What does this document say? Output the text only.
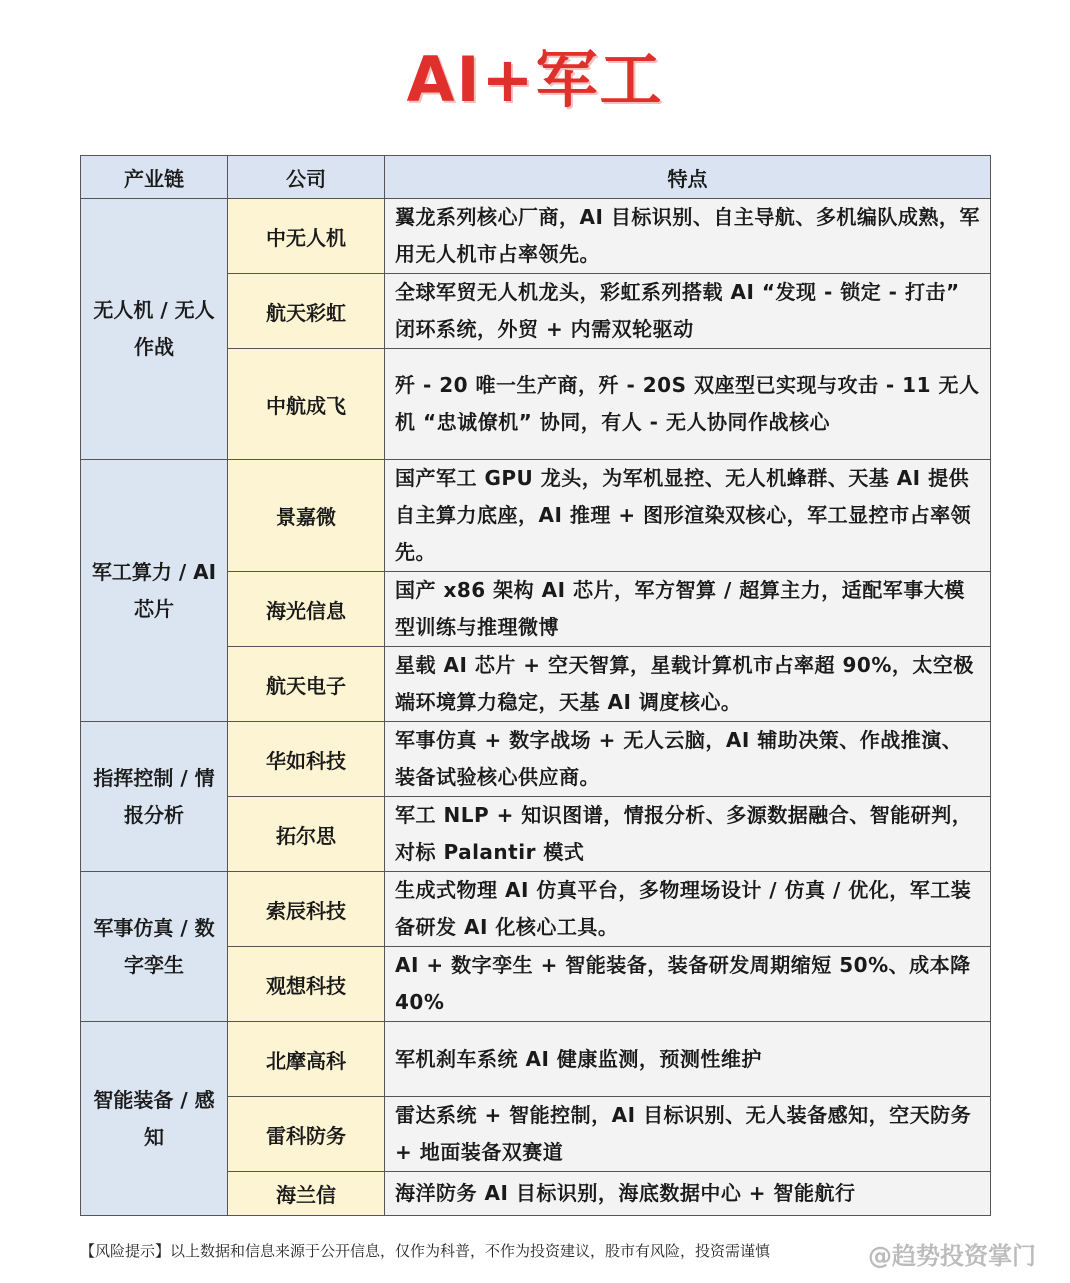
AI+军工
产业链	公司	特点
无人机 / 无人作战	中无人机	翼龙系列核心厂商，AI 目标识别、自主导航、多机编队成熟，军用无人机市占率领先。
	航天彩虹	全球军贸无人机龙头，彩虹系列搭载 AI “发现 - 锁定 - 打击” 闭环系统，外贸 + 内需双轮驱动
	中航成飞	歼 - 20 唯一生产商，歼 - 20S 双座型已实现与攻击 - 11 无人机 “忠诚僚机” 协同，有人 - 无人协同作战核心
军工算力 / AI 芯片	景嘉微	国产军工 GPU 龙头，为军机显控、无人机蜂群、天基 AI 提供自主算力底座，AI 推理 + 图形渲染双核心，军工显控市占率领先。
	海光信息	国产 x86 架构 AI 芯片，军方智算 / 超算主力，适配军事大模型训练与推理微博
	航天电子	星载 AI 芯片 + 空天智算，星载计算机市占率超 90%，太空极端环境算力稳定，天基 AI 调度核心。
指挥控制 / 情报分析	华如科技	军事仿真 + 数字战场 + 无人云脑，AI 辅助决策、作战推演、装备试验核心供应商。
	拓尔思	军工 NLP + 知识图谱，情报分析、多源数据融合、智能研判，对标 Palantir 模式
军事仿真 / 数字孪生	索辰科技	生成式物理 AI 仿真平台，多物理场设计 / 仿真 / 优化，军工装备研发 AI 化核心工具。
	观想科技	AI + 数字孪生 + 智能装备，装备研发周期缩短 50%、成本降 40%
智能装备 / 感知	北摩高科	军机刹车系统 AI 健康监测，预测性维护
	雷科防务	雷达系统 + 智能控制，AI 目标识别、无人装备感知，空天防务 + 地面装备双赛道
	海兰信	海洋防务 AI 目标识别，海底数据中心 + 智能航行
【风险提示】以上数据和信息来源于公开信息，仅作为科普，不作为投资建议，股市有风险，投资需谨慎	@趋势投资掌门
